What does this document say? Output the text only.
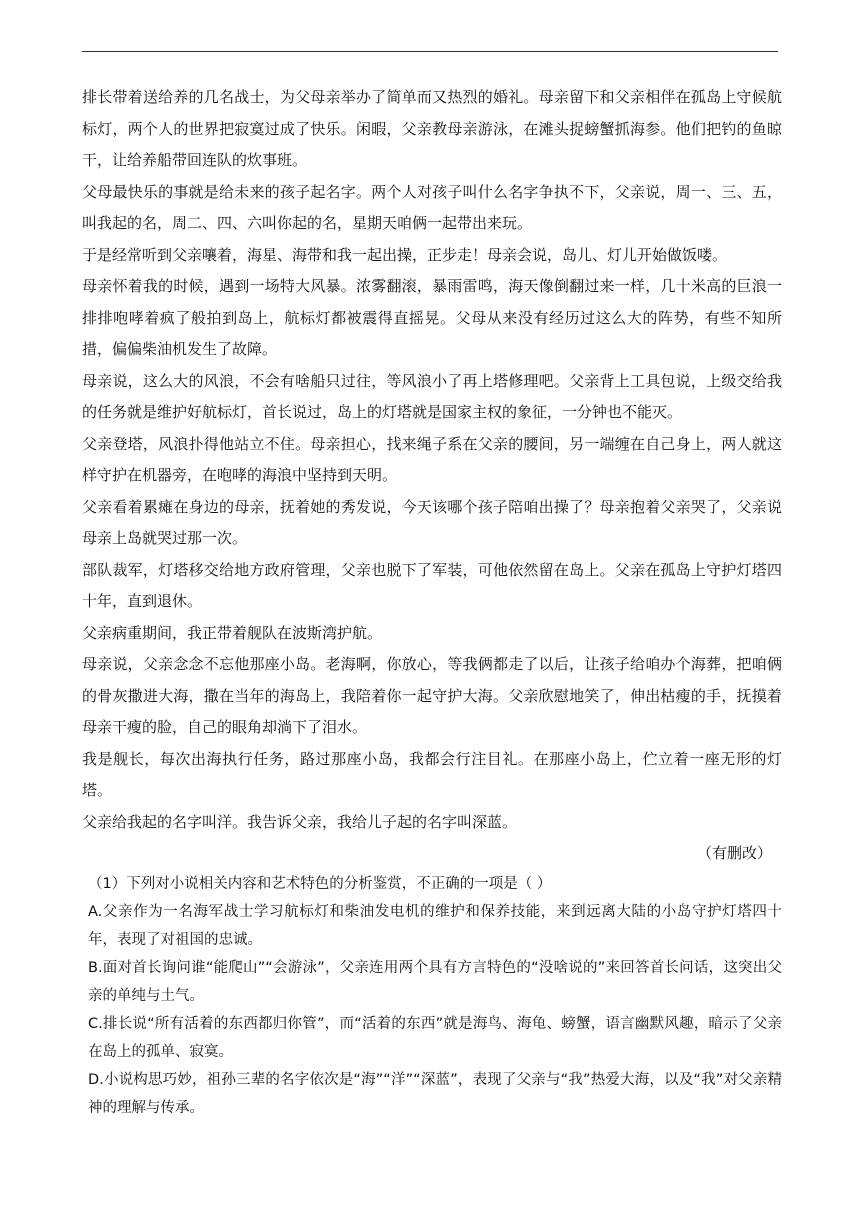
排长带着送给养的几名战士，为父母亲举办了简单而又热烈的婚礼。母亲留下和父亲相伴在孤岛上守候航标灯，两个人的世界把寂寞过成了快乐。闲暇，父亲教母亲游泳，在滩头捉螃蟹抓海参。他们把钓的鱼晾干，让给养船带回连队的炊事班。

父母最快乐的事就是给未来的孩子起名字。两个人对孩子叫什么名字争执不下，父亲说，周一、三、五，叫我起的名，周二、四、六叫你起的名，星期天咱俩一起带出来玩。

于是经常听到父亲嚷着，海星、海带和我一起出操，正步走！母亲会说，岛儿、灯儿开始做饭喽。

母亲怀着我的时候，遇到一场特大风暴。浓雾翻滚，暴雨雷鸣，海天像倒翻过来一样，几十米高的巨浪一排排咆哮着疯了般拍到岛上，航标灯都被震得直摇晃。父母从来没有经历过这么大的阵势，有些不知所措，偏偏柴油机发生了故障。

母亲说，这么大的风浪，不会有啥船只过往，等风浪小了再上塔修理吧。父亲背上工具包说，上级交给我的任务就是维护好航标灯，首长说过，岛上的灯塔就是国家主权的象征，一分钟也不能灭。

父亲登塔，风浪扑得他站立不住。母亲担心，找来绳子系在父亲的腰间，另一端缠在自己身上，两人就这样守护在机器旁，在咆哮的海浪中坚持到天明。

父亲看着累瘫在身边的母亲，抚着她的秀发说，今天该哪个孩子陪咱出操了？母亲抱着父亲哭了，父亲说母亲上岛就哭过那一次。

部队裁军，灯塔移交给地方政府管理，父亲也脱下了军装，可他依然留在岛上。父亲在孤岛上守护灯塔四十年，直到退休。

父亲病重期间，我正带着舰队在波斯湾护航。

母亲说，父亲念念不忘他那座小岛。老海啊，你放心，等我俩都走了以后，让孩子给咱办个海葬，把咱俩的骨灰撒进大海，撒在当年的海岛上，我陪着你一起守护大海。父亲欣慰地笑了，伸出枯瘦的手，抚摸着母亲干瘦的脸，自己的眼角却淌下了泪水。

我是舰长，每次出海执行任务，路过那座小岛，我都会行注目礼。在那座小岛上，伫立着一座无形的灯塔。

父亲给我起的名字叫洋。我告诉父亲，我给儿子起的名字叫深蓝。

（有删改）

（1）下列对小说相关内容和艺术特色的分析鉴赏，不正确的一项是（ ）

A.父亲作为一名海军战士学习航标灯和柴油发电机的维护和保养技能，来到远离大陆的小岛守护灯塔四十年，表现了对祖国的忠诚。

B.面对首长询问谁“能爬山”“会游泳”，父亲连用两个具有方言特色的“没啥说的”来回答首长问话，这突出父亲的单纯与土气。

C.排长说“所有活着的东西都归你管”，而“活着的东西”就是海鸟、海龟、螃蟹，语言幽默风趣，暗示了父亲在岛上的孤单、寂寞。

D.小说构思巧妙，祖孙三辈的名字依次是“海”“洋”“深蓝”，表现了父亲与“我”热爱大海，以及“我”对父亲精神的理解与传承。
